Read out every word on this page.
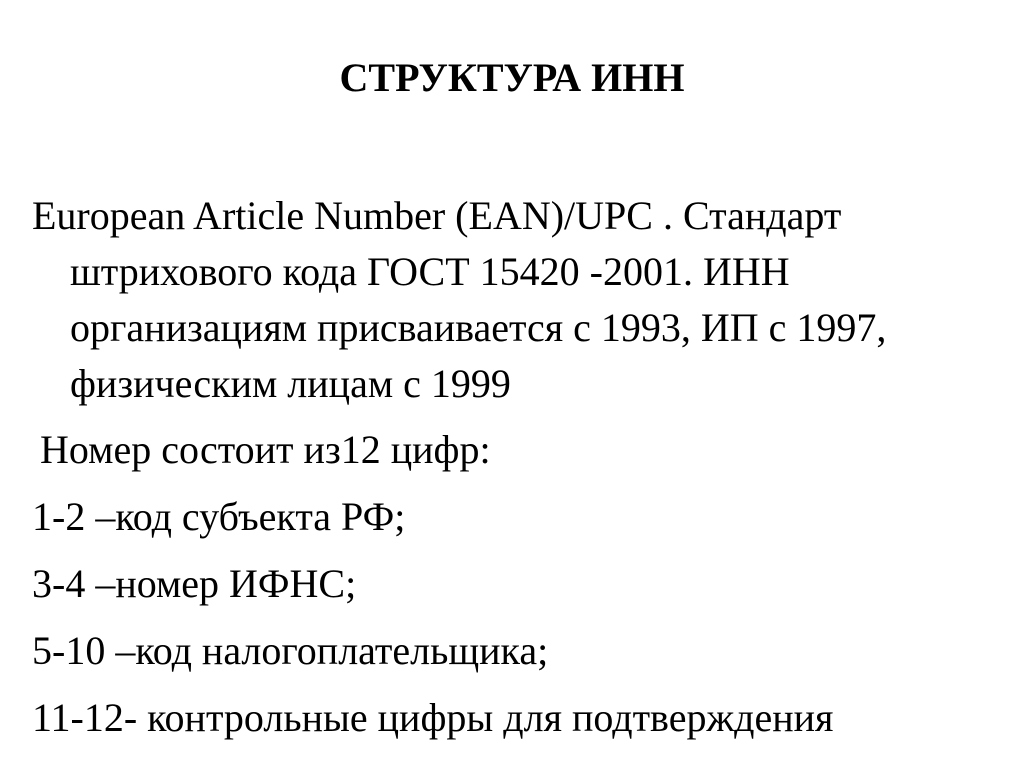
СТРУКТУРА ИНН

European Article Number (EAN)/UPC . Стандарт штрихового кода ГОСТ 15420 -2001. ИНН организациям присваивается с 1993, ИП с 1997, физическим лицам с 1999

Номер состоит из12 цифр:

1-2 –код субъекта РФ;

3-4 –номер ИФНС;

5-10 –код налогоплательщика;

11-12- контрольные цифры для подтверждения
